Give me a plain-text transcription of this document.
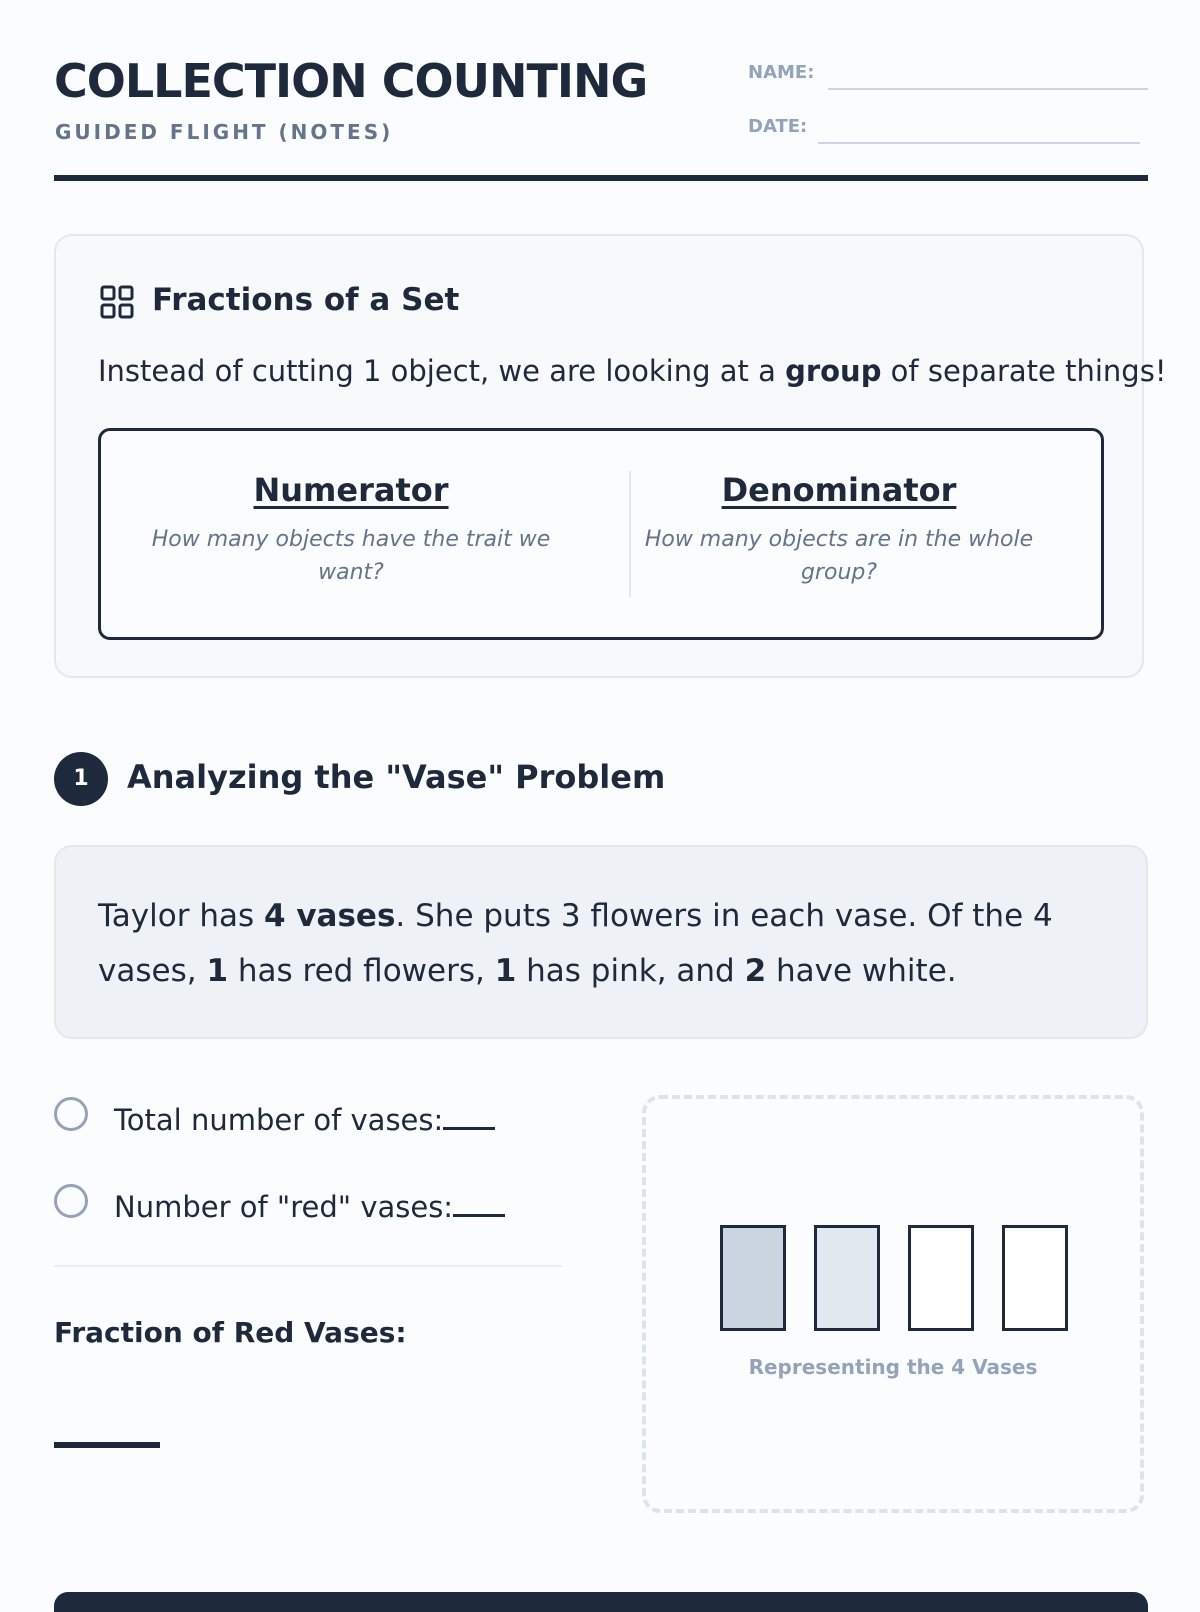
COLLECTION COUNTING
GUIDED FLIGHT (NOTES)
NAME:
DATE:
Fractions of a Set
Instead of cutting 1 object, we are looking at a group of separate things!
Numerator
How many objects have the trait we want?
Denominator
How many objects are in the whole group?
1	Analyzing the "Vase" Problem
Taylor has 4 vases. She puts 3 flowers in each vase. Of the 4 vases, 1 has red flowers, 1 has pink, and 2 have white.
Total number of vases:
Number of "red" vases:
Fraction of Red Vases:
Representing the 4 Vases
